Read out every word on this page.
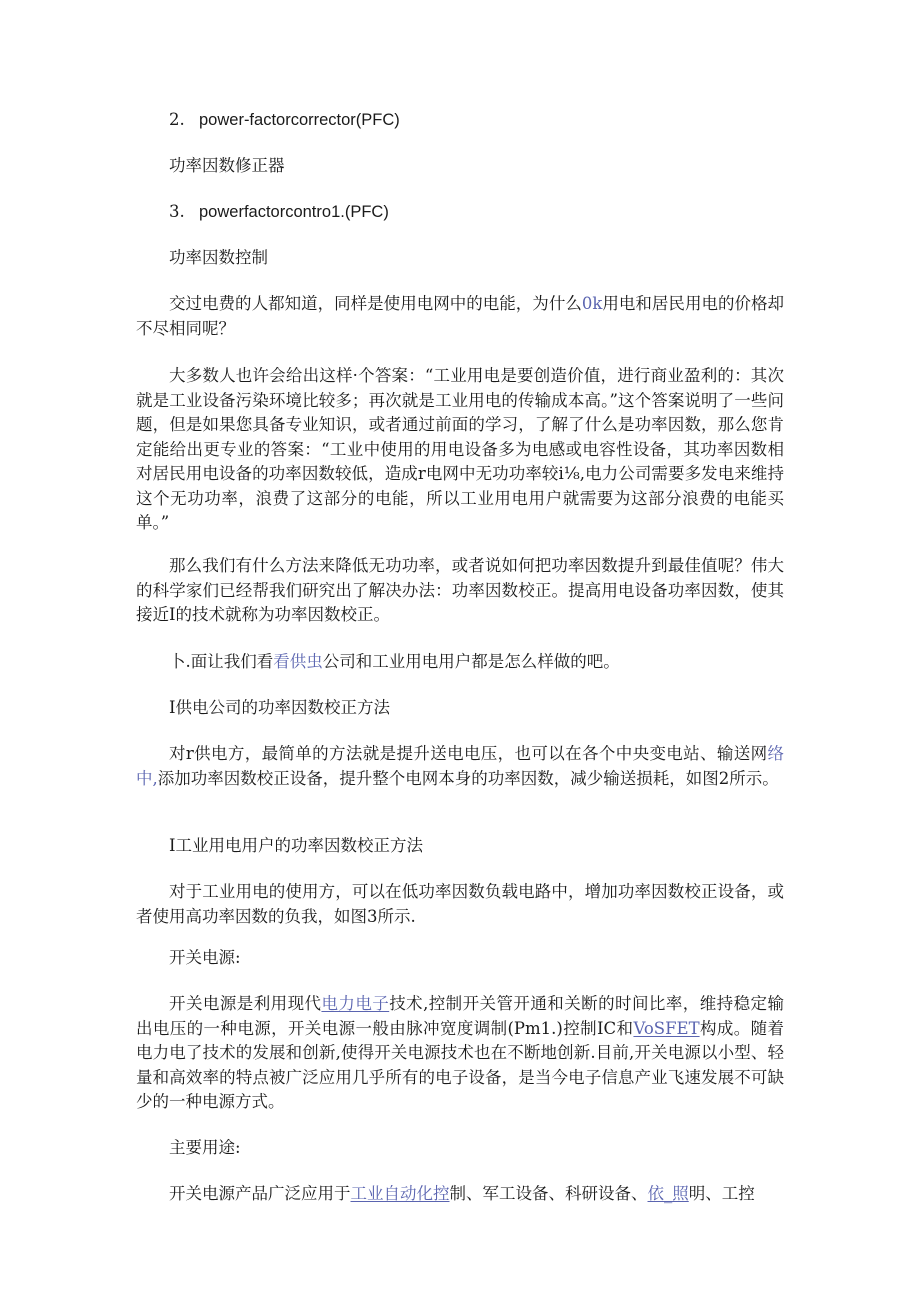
2. power-factorcorrector(PFC)

功率因数修正器

3. powerfactorcontro1.(PFC)

功率因数控制

交过电费的人都知道，同样是使用电网中的电能，为什么0k用电和居民用电的价格却不尽相同呢？

大多数人也许会给出这样·个答案：“工业用电是要创造价值，进行商业盈利的：其次就是工业设备污染环境比较多；再次就是工业用电的传输成本高。”这个答案说明了一些问题，但是如果您具备专业知识，或者通过前面的学习，了解了什么是功率因数，那么您肯定能给出更专业的答案：“工业中使用的用电设备多为电感或电容性设备，其功率因数相对居民用电设备的功率因数较低，造成r电网中无功功率较i⅛,电力公司需要多发电来维持这个无功功率，浪费了这部分的电能，所以工业用电用户就需要为这部分浪费的电能买单。”

那么我们有什么方法来降低无功功率，或者说如何把功率因数提升到最佳值呢？伟大的科学家们已经帮我们研究出了解决办法：功率因数校正。提高用电设备功率因数，使其接近I的技术就称为功率因数校正。

卜.面让我们看看供虫公司和工业用电用户都是怎么样做的吧。

I供电公司的功率因数校正方法

对r供电方，最简单的方法就是提升送电电压，也可以在各个中央变电站、输送网络中,添加功率因数校正设备，提升整个电网本身的功率因数，减少输送损耗，如图2所示。

I工业用电用户的功率因数校正方法

对于工业用电的使用方，可以在低功率因数负载电路中，增加功率因数校正设备，或者使用高功率因数的负我，如图3所示.

开关电源:

开关电源是利用现代电力电子技术,控制开关管开通和关断的时间比率，维持稳定输出电压的一种电源，开关电源一般由脉冲宽度调制(Pm1.)控制IC和VoSFET构成。随着电力电了技术的发展和创新,使得开关电源技术也在不断地创新.目前,开关电源以小型、轻量和高效率的特点被广泛应用几乎所有的电子设备，是当今电子信息产业飞速发展不可缺少的一种电源方式。

主要用途:

开关电源产品广泛应用于工业自动化控制、军工设备、科研设备、依_照明、工控
